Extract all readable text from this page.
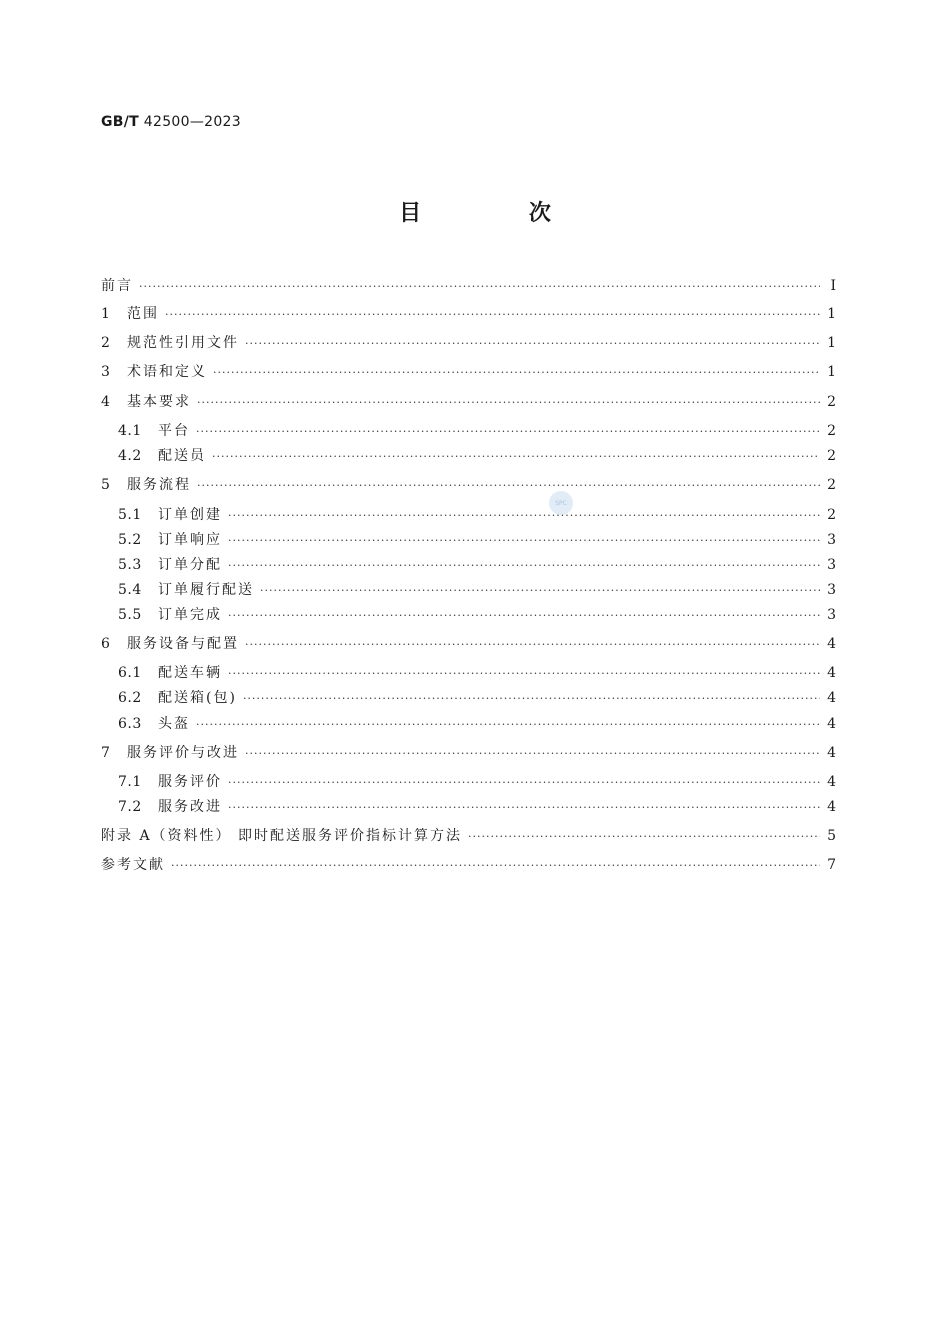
GB/T 42500—2023
目 次
前言 ·····	Ⅰ
1	范围 ·····	1
2	规范性引用文件 ·····	1
3	术语和定义 ·····	1
4	基本要求 ·····	2
4.1	平台 ·····	2
4.2	配送员 ·····	2
5	服务流程 ·····	2
5.1	订单创建 ·····	2
5.2	订单响应 ·····	3
5.3	订单分配 ·····	3
5.4	订单履行配送 ·····	3
5.5	订单完成 ·····	3
6	服务设备与配置 ·····	4
6.1	配送车辆 ·····	4
6.2	配送箱(包) ·····	4
6.3	头盔 ·····	4
7	服务评价与改进 ·····	4
7.1	服务评价 ·····	4
7.2	服务改进 ·····	4
附录 A（资料性） 即时配送服务评价指标计算方法 ·····	5
参考文献 ·····	7
SPC
